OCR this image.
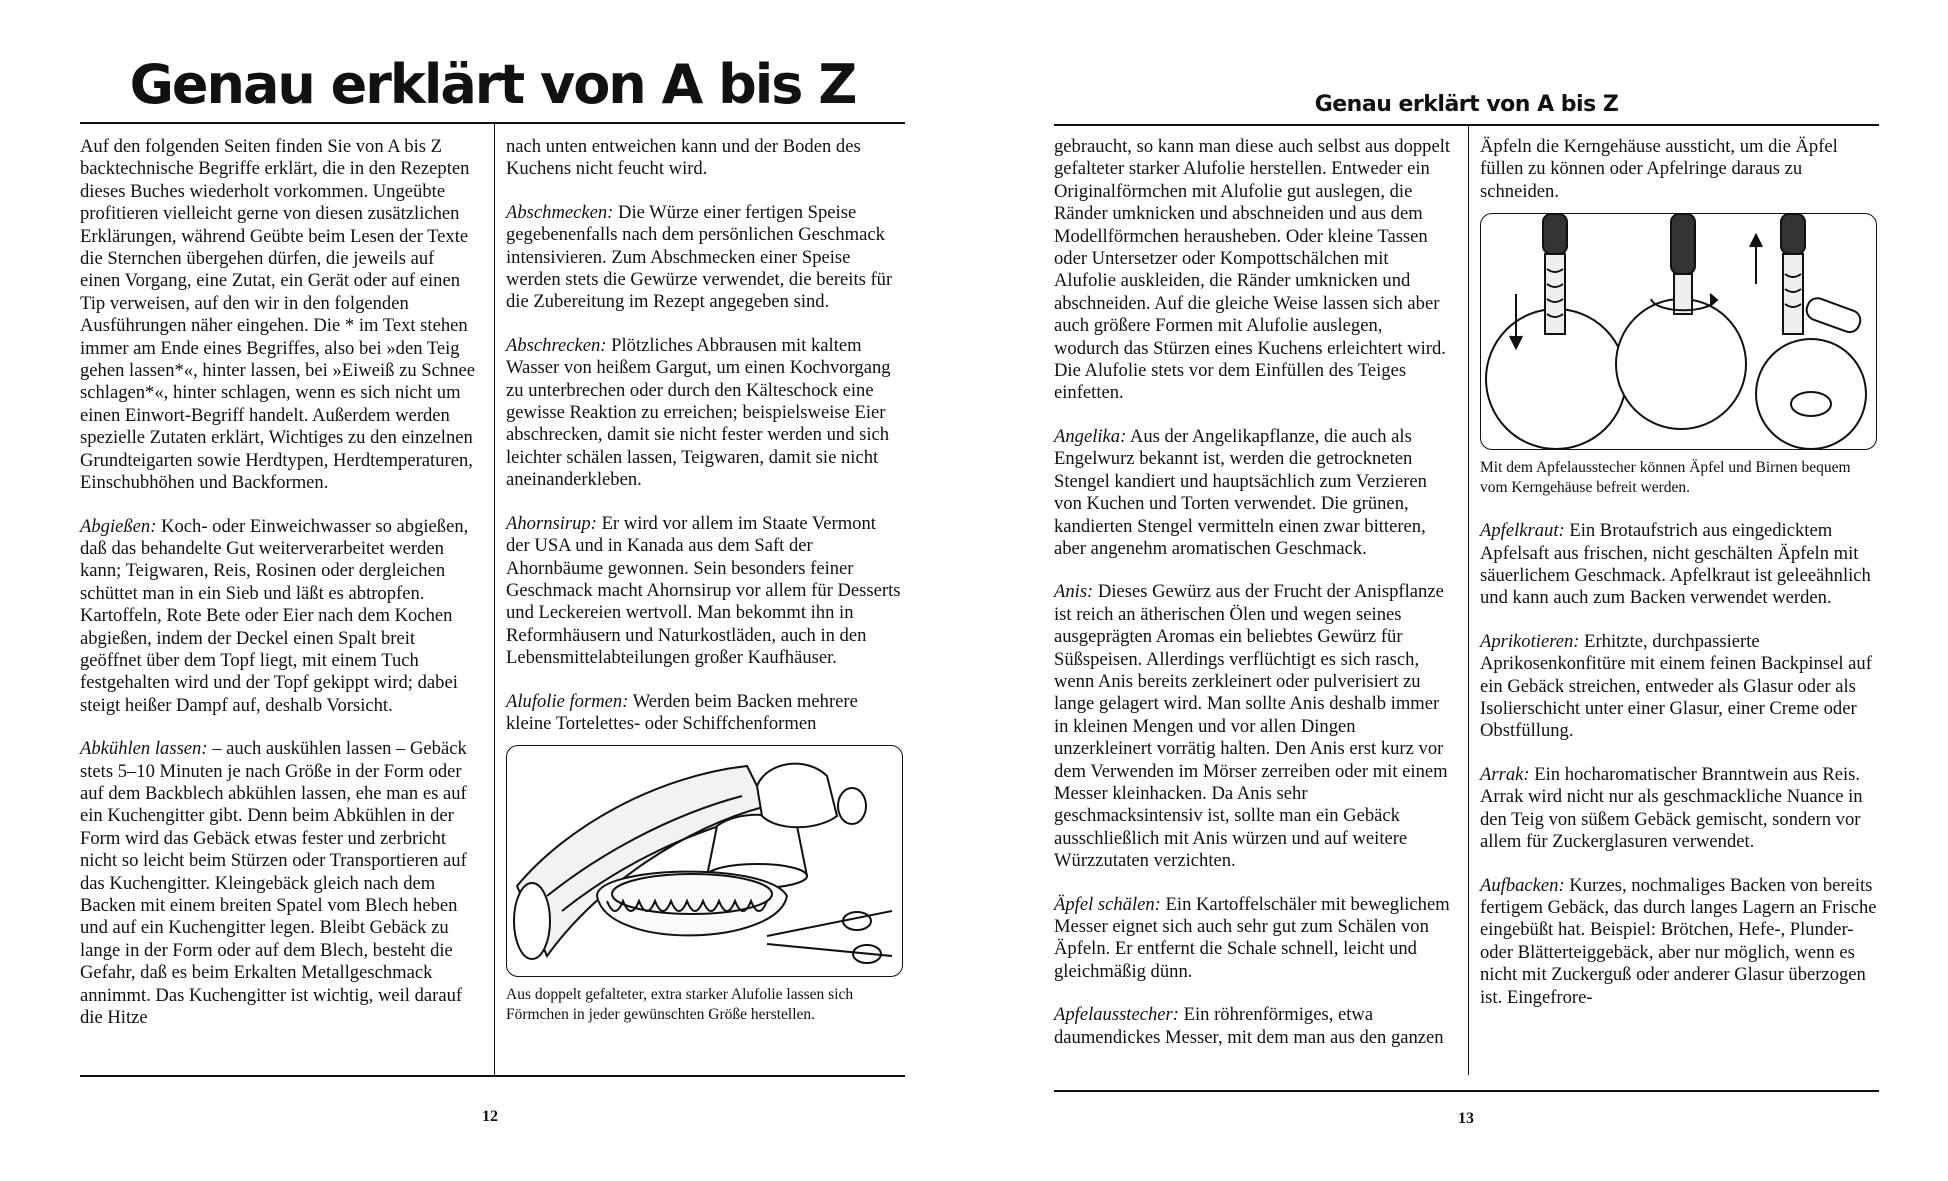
Genau erklärt von A bis Z

Auf den folgenden Seiten finden Sie von A bis Z backtechnische Begriffe erklärt, die in den Rezepten dieses Buches wiederholt vorkommen. Ungeübte profitieren vielleicht gerne von diesen zusätzlichen Erklärungen, während Geübte beim Lesen der Texte die Sternchen übergehen dürfen, die jeweils auf einen Vorgang, eine Zutat, ein Gerät oder auf einen Tip verweisen, auf den wir in den folgenden Ausführungen näher eingehen. Die * im Text stehen immer am Ende eines Begriffes, also bei »den Teig gehen lassen*«, hinter lassen, bei »Eiweiß zu Schnee schlagen*«, hinter schlagen, wenn es sich nicht um einen Einwort-Begriff handelt. Außerdem werden spezielle Zutaten erklärt, Wichtiges zu den einzelnen Grundteigarten sowie Herdtypen, Herdtemperaturen, Einschubhöhen und Backformen.

Abgießen: Koch- oder Einweichwasser so abgießen, daß das behandelte Gut weiterverarbeitet werden kann; Teigwaren, Reis, Rosinen oder dergleichen schüttet man in ein Sieb und läßt es abtropfen. Kartoffeln, Rote Bete oder Eier nach dem Kochen abgießen, indem der Deckel einen Spalt breit geöffnet über dem Topf liegt, mit einem Tuch festgehalten wird und der Topf gekippt wird; dabei steigt heißer Dampf auf, deshalb Vorsicht.

Abkühlen lassen: – auch auskühlen lassen – Gebäck stets 5–10 Minuten je nach Größe in der Form oder auf dem Backblech abkühlen lassen, ehe man es auf ein Kuchengitter gibt. Denn beim Abkühlen in der Form wird das Gebäck etwas fester und zerbricht nicht so leicht beim Stürzen oder Transportieren auf das Kuchengitter. Kleingebäck gleich nach dem Backen mit einem breiten Spatel vom Blech heben und auf ein Kuchengitter legen. Bleibt Gebäck zu lange in der Form oder auf dem Blech, besteht die Gefahr, daß es beim Erkalten Metallgeschmack annimmt. Das Kuchengitter ist wichtig, weil darauf die Hitze

nach unten entweichen kann und der Boden des Kuchens nicht feucht wird.

Abschmecken: Die Würze einer fertigen Speise gegebenenfalls nach dem persönlichen Geschmack intensivieren. Zum Abschmecken einer Speise werden stets die Gewürze verwendet, die bereits für die Zubereitung im Rezept angegeben sind.

Abschrecken: Plötzliches Abbrausen mit kaltem Wasser von heißem Gargut, um einen Kochvorgang zu unterbrechen oder durch den Kälteschock eine gewisse Reaktion zu erreichen; beispielsweise Eier abschrecken, damit sie nicht fester werden und sich leichter schälen lassen, Teigwaren, damit sie nicht aneinanderkleben.

Ahornsirup: Er wird vor allem im Staate Vermont der USA und in Kanada aus dem Saft der Ahornbäume gewonnen. Sein besonders feiner Geschmack macht Ahornsirup vor allem für Desserts und Leckereien wertvoll. Man bekommt ihn in Reformhäusern und Naturkostläden, auch in den Lebensmittelabteilungen großer Kaufhäuser.

Alufolie formen: Werden beim Backen mehrere kleine Tortelettes- oder Schiffchenformen

Aus doppelt gefalteter, extra starker Alufolie lassen sich Förmchen in jeder gewünschten Größe herstellen.
12
Genau erklärt von A bis Z

gebraucht, so kann man diese auch selbst aus doppelt gefalteter starker Alufolie herstellen. Entweder ein Originalförmchen mit Alufolie gut auslegen, die Ränder umknicken und abschneiden und aus dem Modellförmchen herausheben. Oder kleine Tassen oder Untersetzer oder Kompottschälchen mit Alufolie auskleiden, die Ränder umknicken und abschneiden. Auf die gleiche Weise lassen sich aber auch größere Formen mit Alufolie auslegen, wodurch das Stürzen eines Kuchens erleichtert wird. Die Alufolie stets vor dem Einfüllen des Teiges einfetten.

Angelika: Aus der Angelikapflanze, die auch als Engelwurz bekannt ist, werden die getrockneten Stengel kandiert und hauptsächlich zum Verzieren von Kuchen und Torten verwendet. Die grünen, kandierten Stengel vermitteln einen zwar bitteren, aber angenehm aromatischen Geschmack.

Anis: Dieses Gewürz aus der Frucht der Anispflanze ist reich an ätherischen Ölen und wegen seines ausgeprägten Aromas ein beliebtes Gewürz für Süßspeisen. Allerdings verflüchtigt es sich rasch, wenn Anis bereits zerkleinert oder pulverisiert zu lange gelagert wird. Man sollte Anis deshalb immer in kleinen Mengen und vor allen Dingen unzerkleinert vorrätig halten. Den Anis erst kurz vor dem Verwenden im Mörser zerreiben oder mit einem Messer kleinhacken. Da Anis sehr geschmacksintensiv ist, sollte man ein Gebäck ausschließlich mit Anis würzen und auf weitere Würzzutaten verzichten.

Äpfel schälen: Ein Kartoffelschäler mit beweglichem Messer eignet sich auch sehr gut zum Schälen von Äpfeln. Er entfernt die Schale schnell, leicht und gleichmäßig dünn.

Apfelausstecher: Ein röhrenförmiges, etwa daumendickes Messer, mit dem man aus den ganzen

Äpfeln die Kerngehäuse aussticht, um die Äpfel füllen zu können oder Apfelringe daraus zu schneiden.

Mit dem Apfelausstecher können Äpfel und Birnen bequem vom Kerngehäuse befreit werden.

Apfelkraut: Ein Brotaufstrich aus eingedicktem Apfelsaft aus frischen, nicht geschälten Äpfeln mit säuerlichem Geschmack. Apfelkraut ist geleeähnlich und kann auch zum Backen verwendet werden.

Aprikotieren: Erhitzte, durchpassierte Aprikosenkonfitüre mit einem feinen Backpinsel auf ein Gebäck streichen, entweder als Glasur oder als Isolierschicht unter einer Glasur, einer Creme oder Obstfüllung.

Arrak: Ein hocharomatischer Branntwein aus Reis. Arrak wird nicht nur als geschmackliche Nuance in den Teig von süßem Gebäck gemischt, sondern vor allem für Zuckerglasuren verwendet.

Aufbacken: Kurzes, nochmaliges Backen von bereits fertigem Gebäck, das durch langes Lagern an Frische eingebüßt hat. Beispiel: Brötchen, Hefe-, Plunder- oder Blätterteiggebäck, aber nur möglich, wenn es nicht mit Zuckerguß oder anderer Glasur überzogen ist. Eingefrore-

13
